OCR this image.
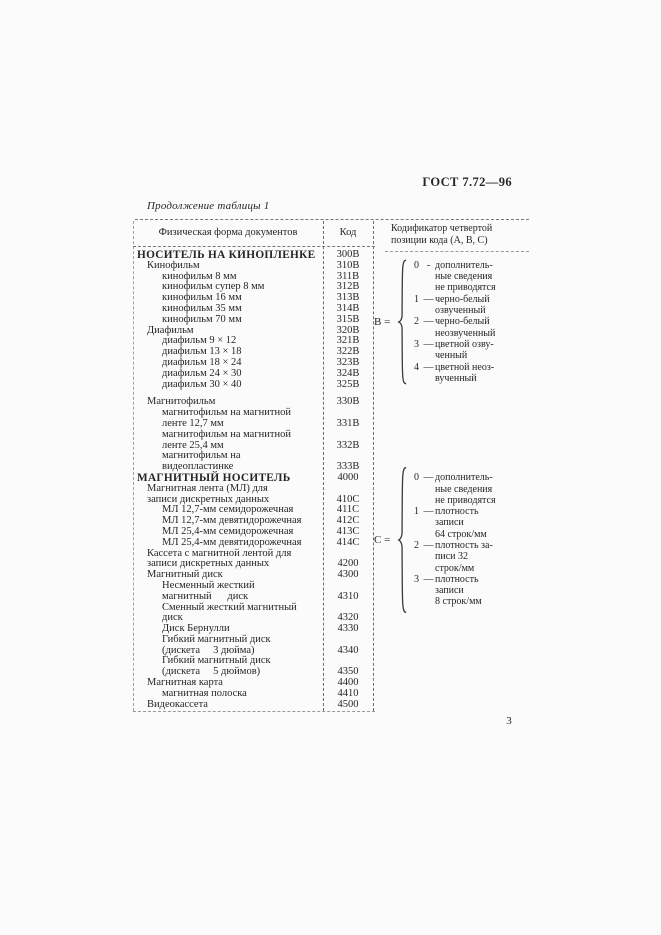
ГОСТ 7.72—96
Продолжение таблицы 1
Физическая форма документов	Код	Кодификатор четвертой
позиции кода (А, В, С)
НОСИТЕЛЬ НА КИНОПЛЕНКЕ	300В
Кинофильм	310В
кинофильм 8 мм	311В
кинофильм супер 8 мм	312В
кинофильм 16 мм	313В
кинофильм 35 мм	314В
кинофильм 70 мм	315В
Диафильм	320В
диафильм 9 × 12	321В
диафильм 13 × 18	322В
диафильм 18 × 24	323В
диафильм 24 × 30	324В
диафильм 30 × 40	325В
Магнитофильм	330В
магнитофильм на магнитной
ленте 12,7 мм	331В
магнитофильм на магнитной
ленте 25,4 мм	332В
магнитофильм на
видеопластинке	333В
МАГНИТНЫЙ НОСИТЕЛЬ	4000
Магнитная лента (МЛ) для
записи дискретных данных	410С
МЛ 12,7-мм семидорожечная	411С
МЛ 12,7-мм девятидорожечная	412С
МЛ 25,4-мм семидорожечная	413С
МЛ 25,4-мм девятидорожечная	414С
Кассета с магнитной лентой для
записи дискретных данных	4200
Магнитный диск	4300
Несменный жесткий
магнитный      диск	4310
Сменный жесткий магнитный
диск	4320
Диск Бернулли	4330
Гибкий магнитный диск
(дискета     3 дюйма)	4340
Гибкий магнитный диск
(дискета     5 дюймов)	4350
Магнитная карта	4400
магнитная полоска	4410
Видеокассета	4500
В =
0 - дополнитель-
ные сведения
не приводятся
1 — черно-белый
озвученный
2 — черно-белый
неозвученный
3 — цветной озву-
ченный
4 — цветной неоз-
вученный
С =
0 — дополнитель-
ные сведения
не приводятся
1 — плотность
записи
64 строк/мм
2 — плотность за-
писи 32
строк/мм
3 — плотность
записи
8 строк/мм
3
